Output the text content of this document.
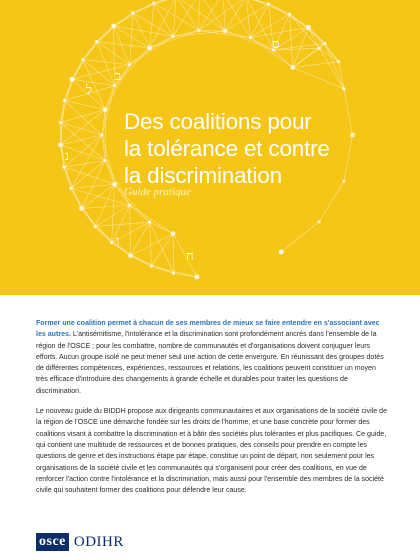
ס
ב
ל
נ
ו
ח
Des coalitions pour
la tolérance et contre
la discrimination
Guide pratique

Former une coalition permet à chacun de ses membres de mieux se faire entendre en s'associant avec les autres. L'antisémitisme, l'intolérance et la discrimination sont profondément ancrés dans l'ensemble de la région de l'OSCE ; pour les combattre, nombre de communautés et d'organisations doivent conjuguer leurs efforts. Aucun groupe isolé ne peut mener seul une action de cette envergure. En réunissant des groupes dotés de différentes compétences, expériences, ressources et relations, les coalitions peuvent constituer un moyen très efficace d'introduire des changements à grande échelle et durables pour traiter les questions de discrimination.

Le nouveau guide du BIDDH propose aux dirigeants communautaires et aux organisations de la société civile de la région de l'OSCE une démarche fondée sur les droits de l'homme, et une base concrète pour former des coalitions visant à combattre la discrimination et à bâtir des sociétés plus tolérantes et plus pacifiques. Ce guide, qui contient une multitude de ressources et de bonnes pratiques, des conseils pour prendre en compte les questions de genre et des instructions étape par étape, constitue un point de départ, non seulement pour les organisations de la société civile et les communautés qui s'organisent pour créer des coalitions, en vue de renforcer l'action contre l'intolérance et la discrimination, mais aussi pour l'ensemble des membres de la société civile qui souhaitent former des coalitions pour défendre leur cause.

osce ODIHR
